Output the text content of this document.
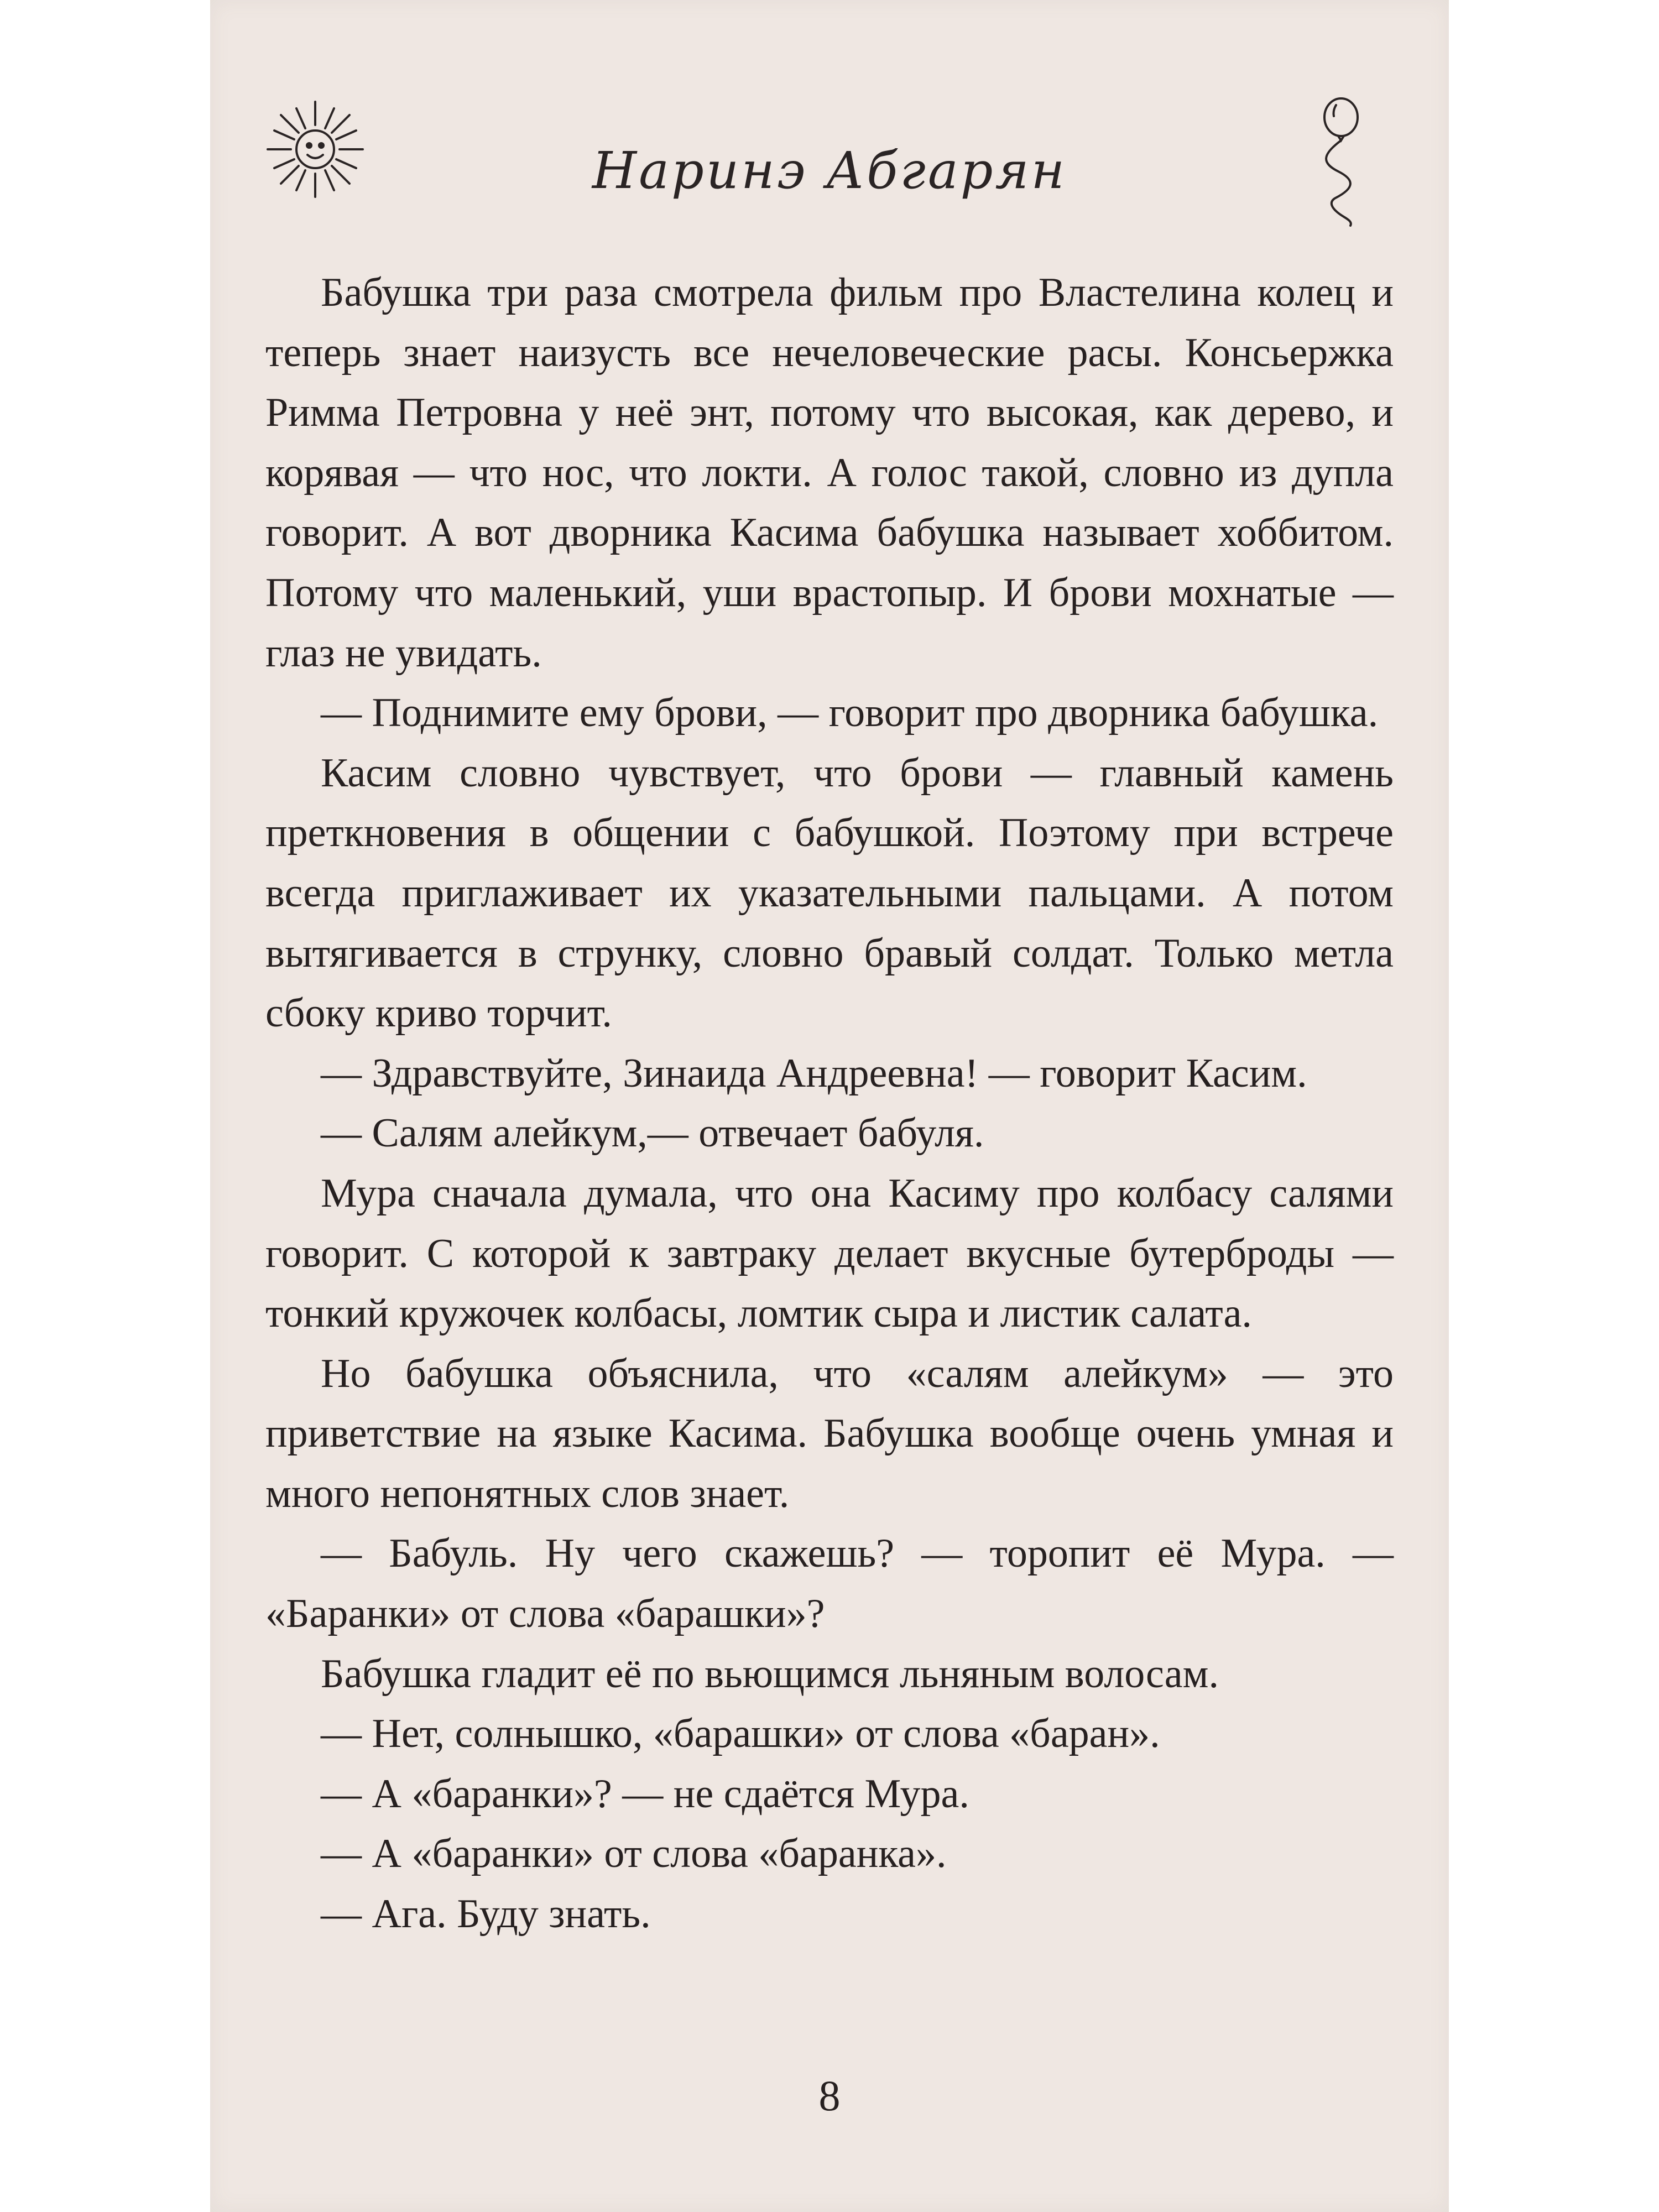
Наринэ Абгарян

Бабушка три раза смотрела фильм про Властелина колец и теперь знает наизусть все нечеловеческие расы. Консьержка Римма Петровна у неё энт, потому что высокая, как дерево, и корявая — что нос, что локти. А голос такой, словно из дупла говорит. А вот дворника Касима бабушка называет хоббитом. Потому что маленький, уши врастопыр. И брови мохнатые — глаз не увидать.

— Поднимите ему брови, — говорит про дворника бабушка.

Касим словно чувствует, что брови — главный камень преткновения в общении с бабушкой. Поэтому при встрече всегда приглаживает их указательными пальцами. А потом вытягивается в струнку, словно бравый солдат. Только метла сбоку криво торчит.

— Здравствуйте, Зинаида Андреевна! — говорит Касим.

— Салям алейкум,— отвечает бабуля.

Мура сначала думала, что она Касиму про колбасу салями говорит. С которой к завтраку делает вкусные бутерброды — тонкий кружочек колбасы, ломтик сыра и листик салата.

Но бабушка объяснила, что «салям алейкум» — это приветствие на языке Касима. Бабушка вообще очень умная и много непонятных слов знает.

— Бабуль. Ну чего скажешь? — торопит её Мура. — «Баранки» от слова «барашки»?

Бабушка гладит её по вьющимся льняным волосам.

— Нет, солнышко, «барашки» от слова «баран».

— А «баранки»? — не сдаётся Мура.

— А «баранки» от слова «баранка».

— Ага. Буду знать.

8
